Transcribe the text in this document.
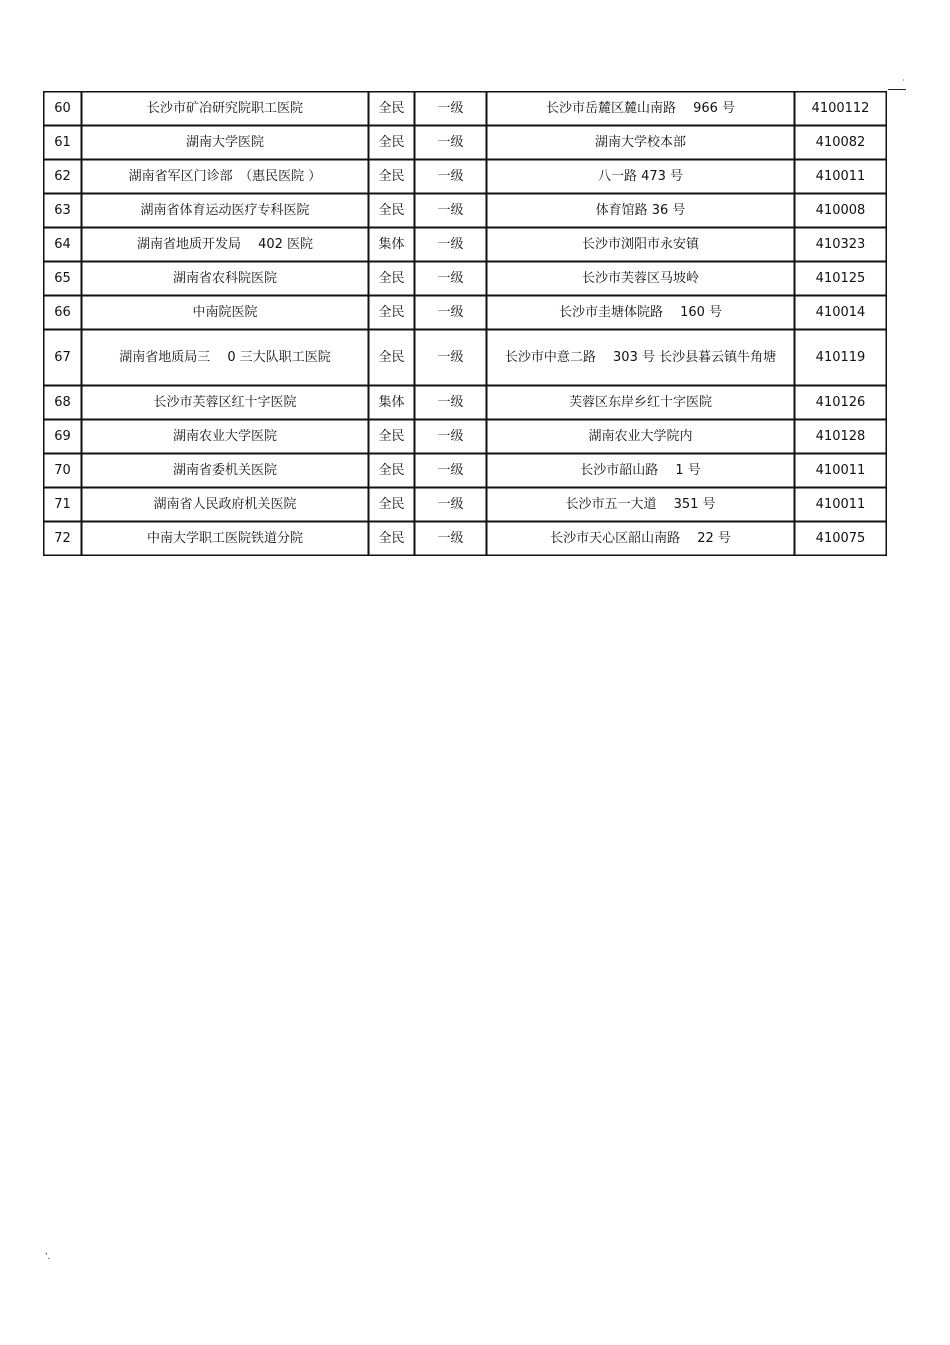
·
60	长沙市矿冶研究院职工医院	全民	一级	长沙市岳麓区麓山南路　 966 号	4100112
61	湖南大学医院	全民	一级	湖南大学校本部	410082
62	湖南省军区门诊部　（惠民医院 ）	全民	一级	八一路 473 号	410011
63	湖南省体育运动医疗专科医院	全民	一级	体育馆路 36 号	410008
64	湖南省地质开发局　 402 医院	集体	一级	长沙市浏阳市永安镇	410323
65	湖南省农科院医院	全民	一级	长沙市芙蓉区马坡岭	410125
66	中南院医院	全民	一级	长沙市圭塘体院路　 160 号	410014
67	湖南省地质局三　 0 三大队职工医院	全民	一级	长沙市中意二路　 303 号 长沙县暮云镇牛角塘	410119
68	长沙市芙蓉区红十字医院	集体	一级	芙蓉区东岸乡红十字医院	410126
69	湖南农业大学医院	全民	一级	湖南农业大学院内	410128
70	湖南省委机关医院	全民	一级	长沙市韶山路　 1 号	410011
71	湖南省人民政府机关医院	全民	一级	长沙市五一大道　 351 号	410011
72	中南大学职工医院铁道分院	全民	一级	长沙市天心区韶山南路　 22 号	410075
'.
